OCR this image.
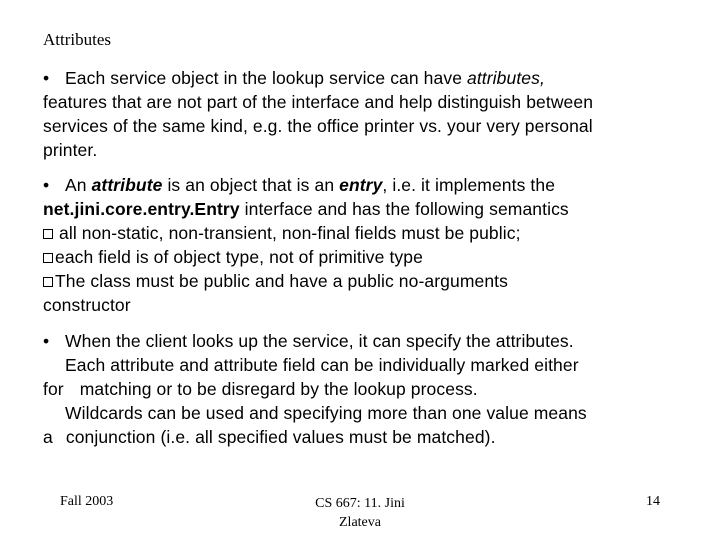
Attributes
• Each service object in the lookup service can have attributes,
features that are not part of the interface and help distinguish between
services of the same kind, e.g. the office printer vs. your very personal
printer.
• An attribute is an object that is an entry, i.e. it implements the
net.jini.core.entry.Entry interface and has the following semantics
all non-static, non-transient, non-final fields must be public;
each field is of object type, not of primitive type
The class must be public and have a public no-arguments
constructor
• When the client looks up the service, it can specify the attributes.
Each attribute and attribute field can be individually marked either
for matching or to be disregard by the lookup process.
Wildcards can be used and specifying more than one value means
a conjunction (i.e. all specified values must be matched).
Fall 2003	CS 667: 11. Jini
Zlateva
14
